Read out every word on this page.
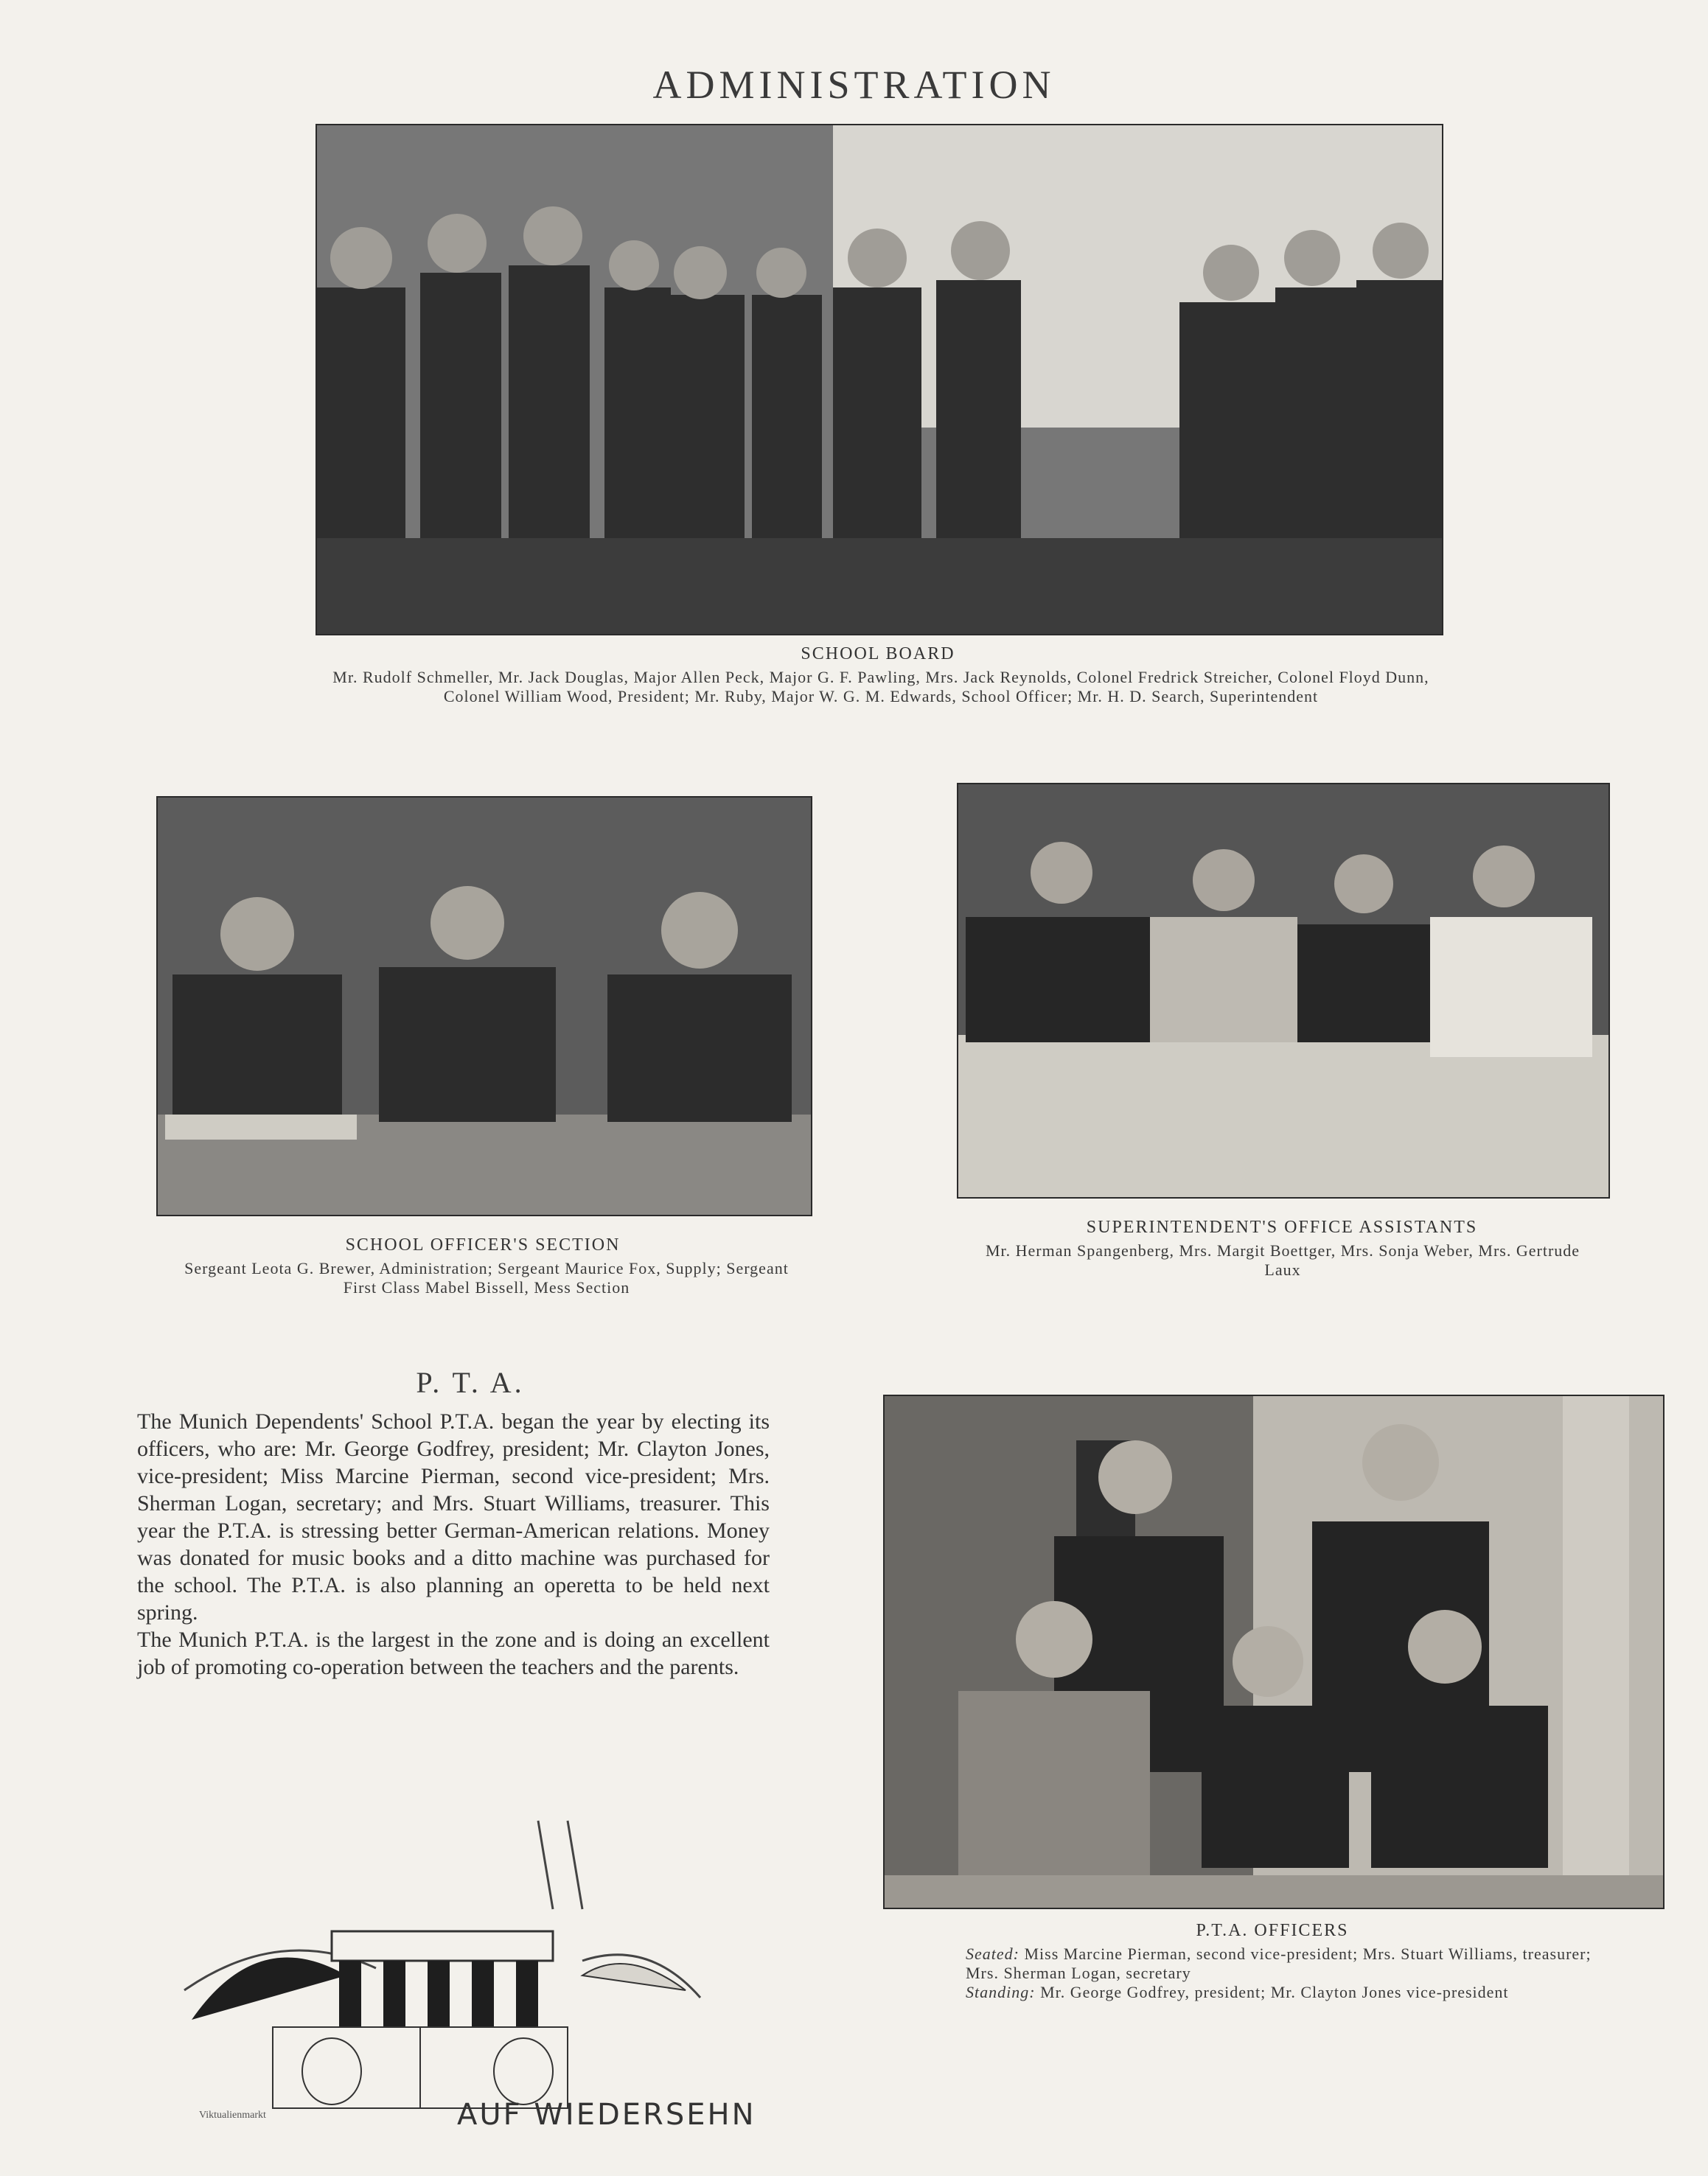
ADMINISTRATION
SCHOOL BOARD
Mr. Rudolf Schmeller, Mr. Jack Douglas, Major Allen Peck, Major G. F. Pawling, Mrs. Jack Reynolds, Colonel Fredrick Streicher, Colonel Floyd Dunn, Colonel William Wood, President; Mr. Ruby, Major W. G. M. Edwards, School Officer; Mr. H. D. Search, Superintendent
SCHOOL OFFICER'S SECTION
Sergeant Leota G. Brewer, Administration; Sergeant Maurice Fox, Supply; Sergeant First Class Mabel Bissell, Mess Section
SUPERINTENDENT'S OFFICE ASSISTANTS
Mr. Herman Spangenberg, Mrs. Margit Boettger, Mrs. Sonja Weber, Mrs. Gertrude Laux
P. T. A.

The Munich Dependents' School P.T.A. began the year by electing its officers, who are: Mr. George Godfrey, president; Mr. Clayton Jones, vice-president; Miss Marcine Pierman, second vice-president; Mrs. Sherman Logan, secretary; and Mrs. Stuart Williams, treasurer. This year the P.T.A. is stressing better German-American relations. Money was donated for music books and a ditto machine was purchased for the school. The P.T.A. is also planning an operetta to be held next spring.

The Munich P.T.A. is the largest in the zone and is doing an excellent job of promoting co-operation between the teachers and the parents.

P.T.A. OFFICERS
Seated: Miss Marcine Pierman, second vice-president; Mrs. Stuart Williams, treasurer; Mrs. Sherman Logan, secretary
Standing: Mr. George Godfrey, president; Mr. Clayton Jones vice-president
Viktualienmarkt	AUF WIEDERSEHN
